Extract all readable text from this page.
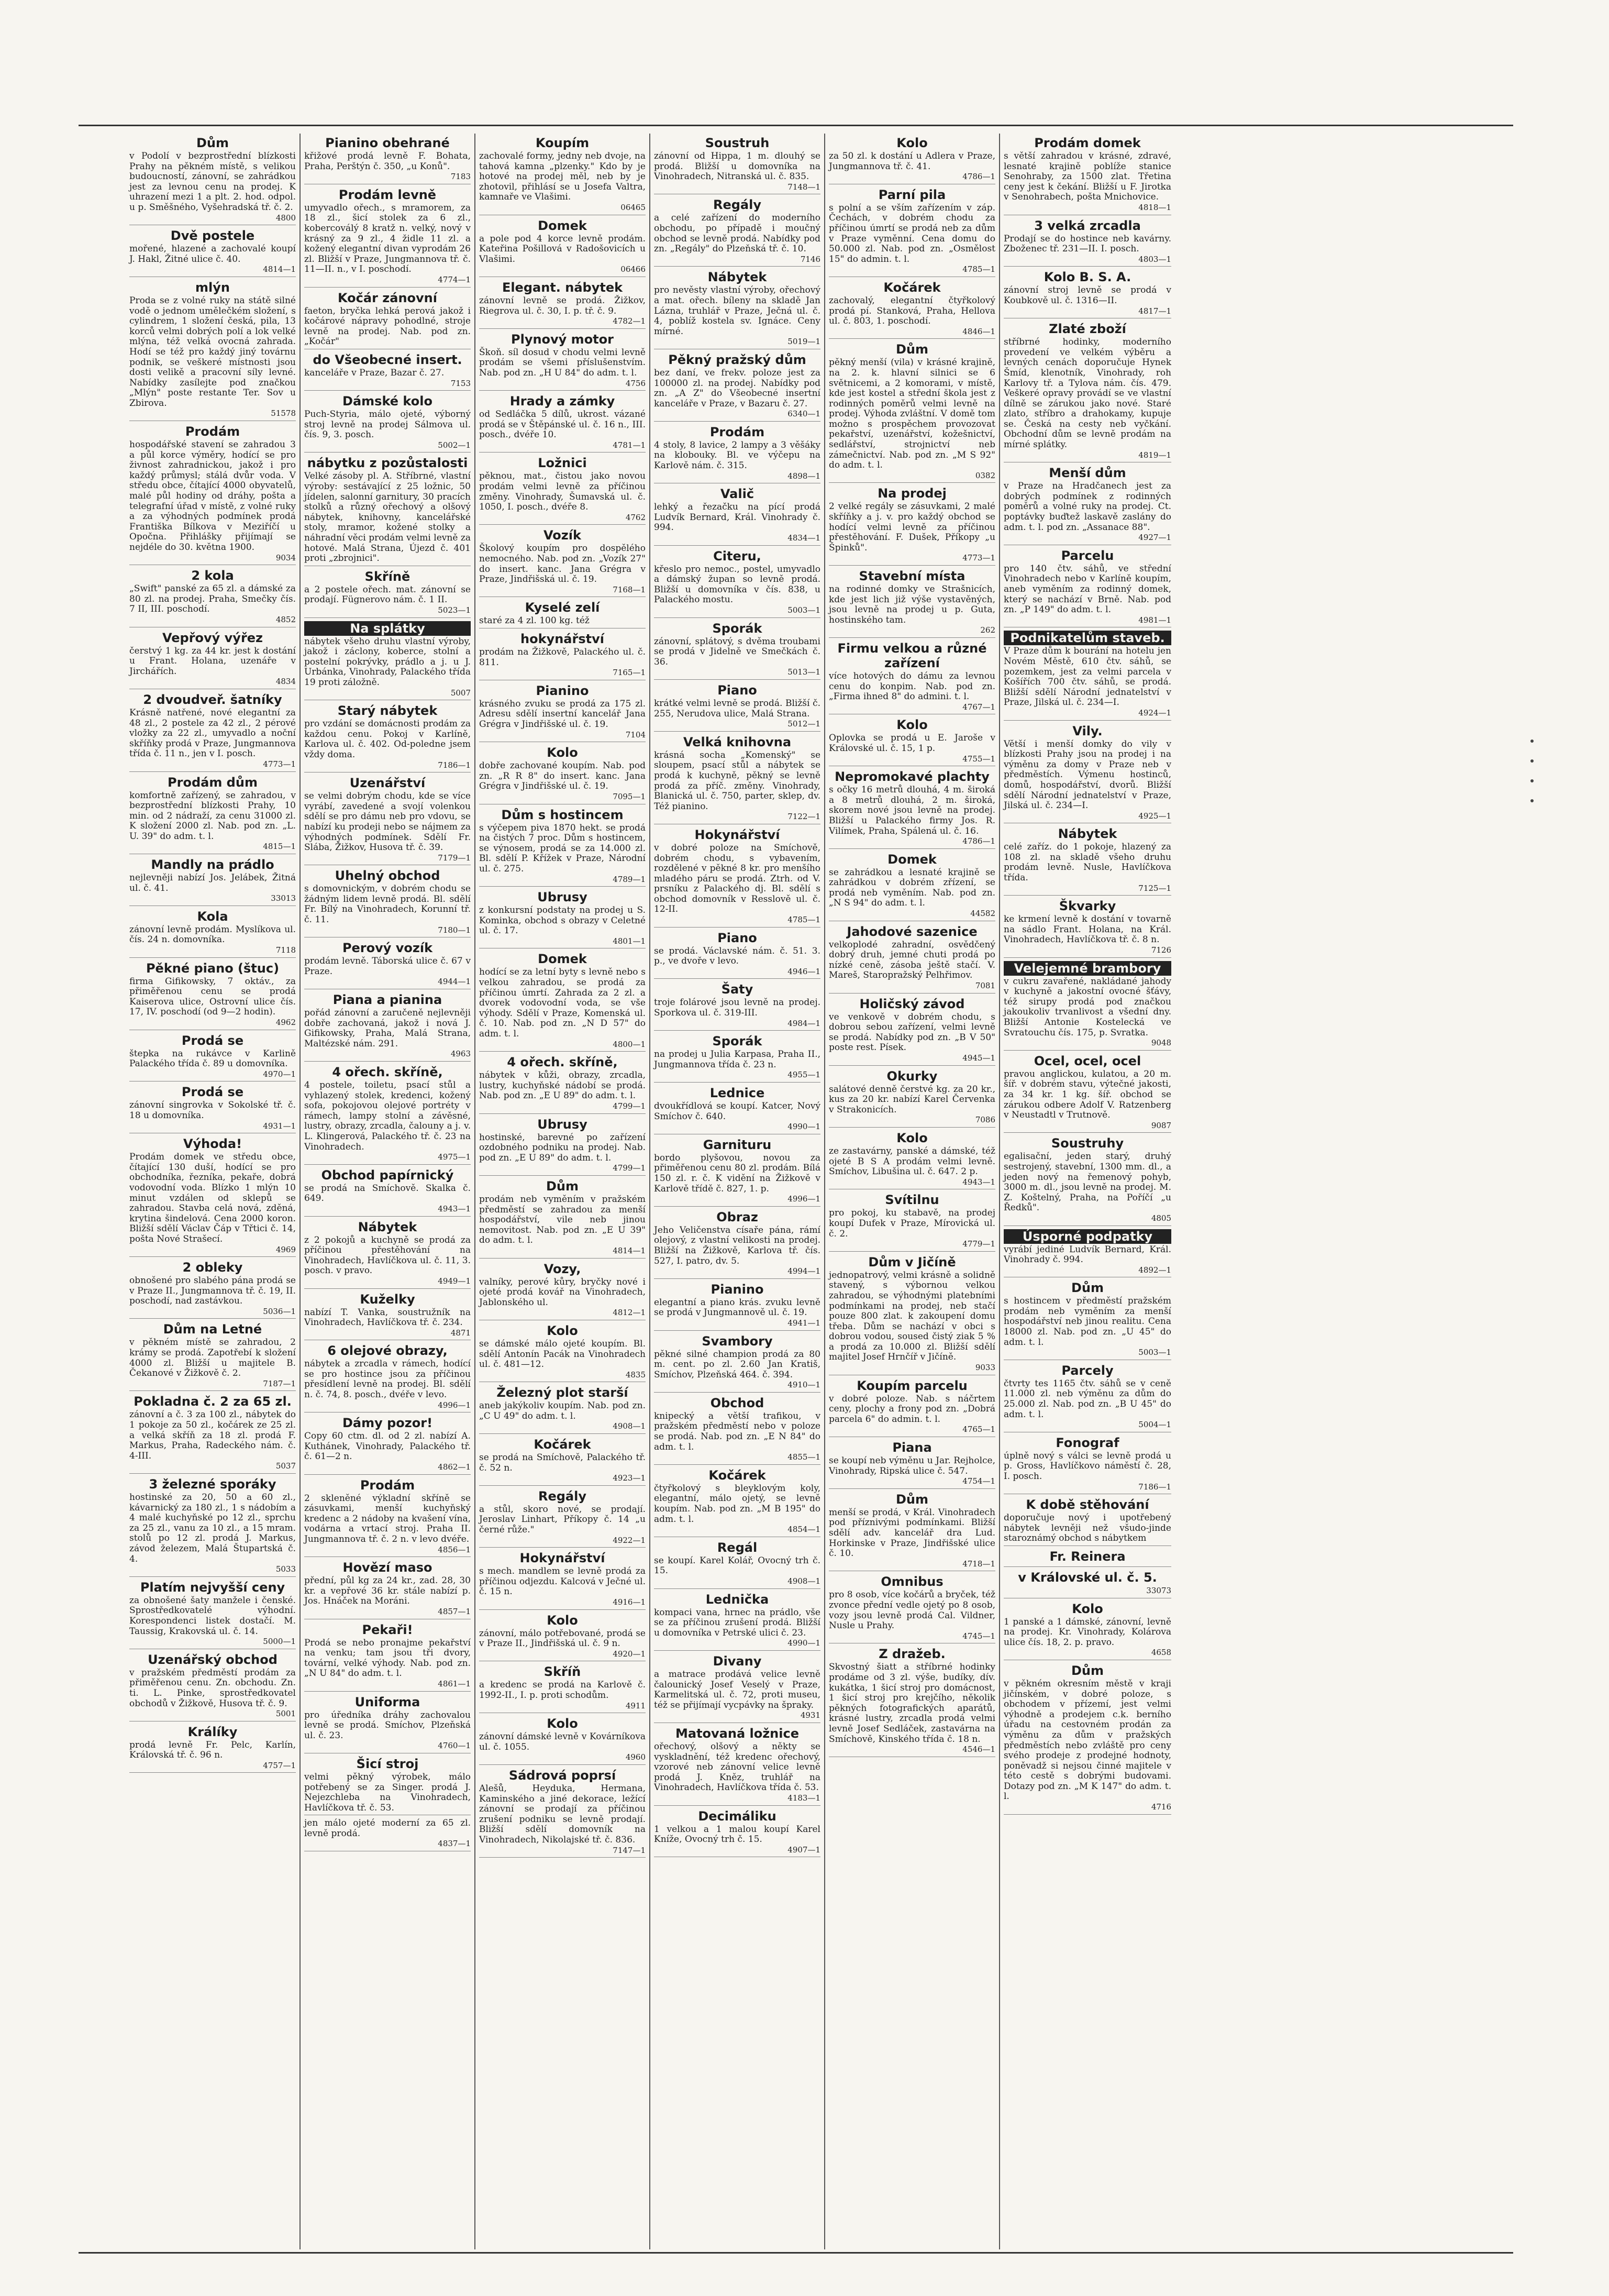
Dům

v Podolí v bezprostřední blízkosti Prahy na pěkném místě, s velikou budoucností, zánovní, se zahrádkou jest za levnou cenu na prodej. K uhrazení mezi 1 a plt. 2. hod. odpol. u p. Směšného, Vyšehradská tř. č. 2.

4800
Dvě postele

mořené, hlazené a zachovalé koupí J. Hakl, Žitné ulice č. 40.

4814—1
mlýn

Proda se z volné ruky na státě silné vodě o jednom umělečkém složení, s cylindrem, 1 složení česká, pila, 13 korců velmi dobrých polí a lok velké mlýna, též velká ovocná zahrada. Hodí se též pro každý jiný továrnu podnik, se veškeré místnosti jsou dosti velikě a pracovní síly levné. Nabídky zasílejte pod značkou „Mlýn" poste restante Ter. Sov u Zbirova.

51578
Prodám

hospodářské stavení se zahradou 3 a půl korce výměry, hodící se pro živnost zahradnickou, jakož i pro každý průmysl; stálá dvůr voda. V středu obce, čítající 4000 obyvatelů, malé půl hodiny od dráhy, pošta a telegrafní úřad v místě, z volné ruky a za výhodných podmínek prodá Františka Bílkova v Meziříčí u Opočna. Přihlášky přijímají se nejdéle do 30. května 1900.

9034
2 kola

„Swift" panské za 65 zl. a dámské za 80 zl. na prodej. Praha, Smečky čís. 7 II, III. poschodí.

4852
Vepřový výřez

čerstvý 1 kg. za 44 kr. jest k dostání u Frant. Holana, uzenáře v Jirchářích.

4834
2 dvoudveř. šatníky

Krásně natřené, nové elegantní za 48 zl., 2 postele za 42 zl., 2 pérové vložky za 22 zl., umyvadlo a noční skříňky prodá v Praze, Jungmannova třída č. 11 n., jen v I. posch.

4773—1
Prodám dům

komfortně zařízený, se zahradou, v bezprostřední blízkosti Prahy, 10 min. od 2 nádraží, za cenu 31000 zl. K složení 2000 zl. Nab. pod zn. „L. U. 39" do adm. t. l.

4815—1
Mandly na prádlo

nejlevněji nabízí Jos. Jelábek, Žitná ul. č. 41.

33013
Kola

zánovní levně prodám. Myslíkova ul. čís. 24 n. domovníka.

7118
Pěkné piano (štuc)

firma Gifikowsky, 7 oktáv., za přiměřenou cenu se prodá Kaiserova ulice, Ostrovní ulice čís. 17, IV. poschodí (od 9—2 hodin).

4962
Prodá se

štepka na rukávce v Karlině Palackého třída č. 89 u domovníka.

4970—1
Prodá se

zánovní singrovka v Sokolské tř. č. 18 u domovníka.

4931—1
Výhoda!

Prodám domek ve středu obce, čítající 130 duší, hodící se pro obchodníka, řezníka, pekaře, dobrá vodovodní voda. Blízko 1 mlýn 10 minut vzdálen od sklepů se zahradou. Stavba celá nová, zděná, krytina šindelová. Cena 2000 koron. Bližší sdělí Václav Čáp v Třtici č. 14, pošta Nové Strašecí.

4969
2 obleky

obnošené pro slabého pána prodá se v Praze II., Jungmannova tř. č. 19, II. poschodí, nad zastávkou.

5036—1
Dům na Letné

v pěkném místě se zahradou, 2 krámy se prodá. Zapotřebí k složení 4000 zl. Bližší u majitele B. Čekanové v Žižkově č. 2.

7187—1
Pokladna č. 2 za 65 zl.

zánovní a č. 3 za 100 zl., nábytek do 1 pokoje za 50 zl., kočárek ze 25 zl. a velká skříň za 18 zl. prodá F. Markus, Praha, Radeckého nám. č. 4-III.

5037
3 železné sporáky

hostinské za 20, 50 a 60 zl., kávarnický za 180 zl., 1 s nádobím a 4 malé kuchyňské po 12 zl., sprchu za 25 zl., vanu za 10 zl., a 15 mram. stolů po 12 zl. prodá J. Markus, závod železem, Malá Štupartská č. 4.

5033
Platím nejvyšší ceny

za obnošené šaty manžele i čenské. Sprostředkovatelé výhodní. Korespondenci listek dostačí. M. Taussig, Krakovská ul. č. 14.

5000—1
Uzenářský obchod

v pražském předměstí prodám za přiměřenou cenu. Zn. obchodu. Zn. ti. L. Pinke, sprostředkovatel obchodů v Žižkově, Husova tř. č. 9.

5001
Králíky

prodá levně Fr. Pelc, Karlín, Královská tř. č. 96 n.

4757—1
Pianino obehrané

křižové prodá levně F. Bohata, Praha, Perštýn č. 350, „u Konů".

7183
Prodám levně

umyvadlo ořech., s mramorem, za 18 zl., šicí stolek za 6 zl., kobercoválý 8 kratž n. velký, nový v krásný za 9 zl., 4 židle 11 zl. a kožený elegantní divan vyprodám 26 zl. Bližší v Praze, Jungmannova tř. č. 11—II. n., v I. poschodí.

4774—1
Kočár zánovní

faeton, bryčka lehká perová jakož i kočárové nápravy pohodlné, stroje levně na prodej. Nab. pod zn. „Kočár"

do Všeobecné insert.

kanceláře v Praze, Bazar č. 27.

7153
Dámské kolo

Puch-Styria, málo ojeté, výborný stroj levně na prodej Sálmova ul. čís. 9, 3. posch.

5002—1
nábytku z pozůstalosti

Velké zásoby pl. A. Stříbrné, vlastní výroby: sestávající z 25 ložnic, 50 jídelen, salonní garnitury, 30 pracích stolků a různý ořechový a olšový nábytek, knihovny, kancelářské stoly, mramor, kožené stolky a náhradní věci prodám velmi levně za hotové. Malá Strana, Újezd č. 401 proti „zbrojnici".

Skříně

a 2 postele ořech. mat. zánovní se prodají. Fügnerovo nám. č. 1 II.

5023—1
Na splátky

nábytek všeho druhu vlastní výroby, jakož i záclony, koberce, stolní a postelní pokrývky, prádlo a j. u J. Urbánka, Vinohrady, Palackého třída 19 proti záložně.

5007
Starý nábytek

pro vzdání se domácnosti prodám za každou cenu. Pokoj v Karlíně, Karlova ul. č. 402. Od-poledne jsem vždy doma.

7186—1
Uzenářství

se velmi dobrým chodu, kde se více vyrábí, zavedené a svojí volenkou sdělí se pro dámu neb pro vdovu, se nabízí ku prodeji nebo se nájmem za výhodných podmínek. Sdělí Fr. Slába, Žižkov, Husova tř. č. 39.

7179—1
Uhelný obchod

s domovnickým, v dobrém chodu se žádným lidem levně prodá. Bl. sdělí Fr. Bílý na Vinohradech, Korunní tř. č. 11.

7180—1
Perový vozík

prodám levně. Táborská ulice č. 67 v Praze.

4944—1
Piana a pianina

pořád zánovní a zaručeně nejlevněji dobře zachovaná, jakož i nová J. Gifikowsky, Praha, Malá Strana, Maltézské nám. 291.

4963
4 ořech. skříně,

4 postele, toiletu, psací stůl a vyhlazený stolek, kredenci, kožený sofa, pokojovou olejové portréty v rámech, lampy stolní a závěsné, lustry, obrazy, zrcadla, čalouny a j. v. L. Klingerová, Palackého tř. č. 23 na Vinohradech.

4975—1
Obchod papírnický

se prodá na Smíchově. Skalka č. 649.

4943—1
Nábytek

z 2 pokojů a kuchyně se prodá za příčinou přestěhování na Vinohradech, Havlíčkova ul. č. 11, 3. posch. v pravo.

4949—1
Kuželky

nabízí T. Vanka, soustružník na Vinohradech, Havlíčkova tř. č. 234.

4871
6 olejové obrazy,

nábytek a zrcadla v rámech, hodící se pro hostince jsou za příčinou přesídlení levně na prodej. Bl. sdělí n. č. 74, 8. posch., dvéře v levo.

4996—1
Dámy pozor!

Copy 60 ctm. dl. od 2 zl. nabízí A. Kuthánek, Vinohrady, Palackého tř. č. 61—2 n.

4862—1
Prodám

2 skleněné výkladní skříně se zásuvkami, menší kuchyňský kredenc a 2 nádoby na kvašení vína, vodárna a vrtací stroj. Praha II. Jungmannova tř. č. 2 n. v levo dvéře.

4856—1
Hovězí maso

přední, půl kg za 24 kr., zad. 28, 30 kr. a vepřové 36 kr. stále nabízí p. Jos. Hnáček na Moráni.

4857—1
Pekaři!

Prodá se nebo pronajme pekařství na venku; tam jsou tři dvory, tovární, velké výhody. Nab. pod zn. „N U 84" do adm. t. l.

4861—1
Uniforma

pro úředníka dráhy zachovalou levně se prodá. Smíchov, Plzeňská ul. č. 23.

4760—1
Šicí stroj

velmi pěkný výrobek, málo potřebený se za Singer. prodá J. Nejezchleba na Vinohradech, Havlíčkova tř. č. 53.

jen málo ojeté moderní za 65 zl. levně prodá.

4837—1
Koupím

zachovalé formy, jedny neb dvoje, na tahová kamna „plzenky." Kdo by je hotové na prodej měl, neb by je zhotovil, přihlásí se u Josefa Valtra, kamnaře ve Vlašimi.

06465
Domek

a pole pod 4 korce levně prodám. Kateřina Pošillová v Radošovicích u Vlašimi.

06466
Elegant. nábytek

zánovní levně se prodá. Žižkov, Riegrova ul. č. 30, I. p. tř. č. 9.

4782—1
Plynový motor

Škoň. síl dosud v chodu velmi levně prodám se všemi příslušenstvím. Nab. pod zn. „H U 84" do adm. t. l.

4756
Hrady a zámky

od Sedláčka 5 dílů, ukrost. vázané prodá se v Štěpánské ul. č. 16 n., III. posch., dvéře 10.

4781—1
Ložnici

pěknou, mat., čistou jako novou prodám velmi levně za příčinou změny. Vinohrady, Šumavská ul. č. 1050, I. posch., dvéře 8.

4762
Vozík

Školový koupím pro dospělého nemocného. Nab. pod zn. „Vozík 27" do insert. kanc. Jana Grégra v Praze, Jindřišská ul. č. 19.

7168—1
Kyselé zelí

staré za 4 zl. 100 kg. též

hokynářství

prodám na Žižkově, Palackého ul. č. 811.

7165—1
Pianino

krásného zvuku se prodá za 175 zl. Adresu sdělí insertní kancelář Jana Grégra v Jindřišské ul. č. 19.

7104
Kolo

dobře zachované koupím. Nab. pod zn. „R R 8" do insert. kanc. Jana Grégra v Jindřišské ul. č. 19.

7095—1
Dům s hostincem

s výčepem piva 1870 hekt. se prodá na čistých 7 proc. Dům s hostincem, se výnosem, prodá se za 14.000 zl. Bl. sdělí P. Křížek v Praze, Národní ul. č. 275.

4789—1
Ubrusy

z konkursní podstaty na prodej u S. Kominka, obchod s obrazy v Celetné ul. č. 17.

4801—1
Domek

hodící se za letní byty s levně nebo s velkou zahradou, se prodá za příčinou úmrtí. Zahrada za 2 zl. a dvorek vodovodní voda, se vše výhody. Sdělí v Praze, Komenská ul. č. 10. Nab. pod zn. „N D 57" do adm. t. l.

4800—1
4 ořech. skříně,

nábytek v kůži, obrazy, zrcadla, lustry, kuchyňské nádobí se prodá. Nab. pod zn. „E U 89" do adm. t. l.

4799—1
Ubrusy

hostinské, barevné po zařízení ozdobného podniku na prodej. Nab. pod zn. „E U 89" do adm. t. l.

4799—1
Dům

prodám neb vyměním v pražském předměstí se zahradou za menší hospodářství, vile neb jinou nemovitost. Nab. pod zn. „E U 39" do adm. t. l.

4814—1
Vozy,

valníky, perové kůry, bryčky nové i ojeté prodá kovář na Vinohradech, Jablonského ul.

4812—1
Kolo

se dámské málo ojeté koupím. Bl. sdělí Antonín Pacák na Vinohradech ul. č. 481—12.

4835
Železný plot starší

aneb jakýkoliv koupím. Nab. pod zn. „C U 49" do adm. t. l.

4908—1
Kočárek

se prodá na Smíchově, Palackého tř. č. 52 n.

4923—1
Regály

a stůl, skoro nové, se prodají. Jeroslav Linhart, Příkopy č. 14 „u černé růže."

4922—1
Hokynářství

s mech. mandlem se levně prodá za příčinou odjezdu. Kalcová v Ječné ul. č. 15 n.

4916—1
Kolo

zánovní, málo potřebované, prodá se v Praze II., Jindřišská ul. č. 9 n.

4920—1
Skříň

a kredenc se prodá na Karlově č. 1992-II., I. p. proti schodům.

4911
Kolo

zánovní dámské levně v Kovárníkova ul. č. 1055.

4960
Sádrová poprsí

Alešů, Heyduka, Hermana, Kaminského a jiné dekorace, ležící zánovní se prodají za příčinou zrušení podniku se levně prodají. Bližší sdělí domovník na Vinohradech, Nikolajské tř. č. 836.

7147—1
Soustruh

zánovní od Hippa, 1 m. dlouhý se prodá. Bližší u domovníka na Vinohradech, Nitranská ul. č. 835.

7148—1
Regály

a celé zařízení do moderního obchodu, po případě i moučný obchod se levně prodá. Nabídky pod zn. „Regály" do Plzeňská tř. č. 10.

7146
Nábytek

pro nevěsty vlastní výroby, ořechový a mat. ořech. bíleny na skladě Jan Lázna, truhlář v Praze, Ječná ul. č. 4, poblíž kostela sv. Ignáce. Ceny mírné.

5019—1
Pěkný pražský dům

bez daní, ve frekv. poloze jest za 100000 zl. na prodej. Nabídky pod zn. „A Z" do Všeobecné insertní kanceláře v Praze, v Bazaru č. 27.

6340—1
Prodám

4 stoly, 8 lavice, 2 lampy a 3 věšáky na klobouky. Bl. ve výčepu na Karlově nám. č. 315.

4898—1
Valič

lehký a řezačku na pící prodá Ludvík Bernard, Král. Vinohrady č. 994.

4834—1
Citeru,

křeslo pro nemoc., postel, umyvadlo a dámský župan so levně prodá. Bližší u domovníka v čís. 838, u Palackého mostu.

5003—1
Sporák

zánovní, splátový, s dvěma troubami se prodá v Jidelně ve Smečkách č. 36.

5013—1
Piano

krátké velmi levně se prodá. Bližší č. 255, Nerudova ulice, Malá Strana.

5012—1
Velká knihovna

krásná socha „Komenský" se sloupem, psací stůl a nábytek se prodá k kuchyně, pěkný se levně prodá za příč. změny. Vinohrady, Blanická ul. č. 750, parter, sklep, dv. Též pianino.

7122—1
Hokynářství

v dobré poloze na Smíchově, dobrém chodu, s vybavením, rozdělené v pěkné 8 kr. pro menšího mladého páru se prodá. Ztrh. od V. prsníku z Palackého dj. Bl. sdělí s obchod domovník v Resslově ul. č. 12-II.

4785—1
Piano

se prodá. Václavské nám. č. 51. 3. p., ve dvoře v levo.

4946—1
Šaty

troje folárové jsou levně na prodej. Sporkova ul. č. 319-III.

4984—1
Sporák

na prodej u Julia Karpasa, Praha II., Jungmannova třída č. 23 n.

4955—1
Lednice

dvoukřídlová se koupí. Katcer, Nový Smíchov č. 640.

4990—1
Garnituru

bordo plyšovou, novou za přiměřenou cenu 80 zl. prodám. Bílá 150 zl. r. č. K vidění na Žižkově v Karlově třídě č. 827, 1. p.

4996—1
Obraz

Jeho Veličenstva císaře pána, rámí olejový, z vlastní velikosti na prodej. Bližší na Žižkově, Karlova tř. čís. 527, I. patro, dv. 5.

4994—1
Pianino

elegantní a piano krás. zvuku levně se prodá v Jungmannově ul. č. 19.

4941—1
Svambory

pěkné silné champion prodá za 80 m. cent. po zl. 2.60 Jan Kratiš, Smíchov, Plzeňská 464. č. 394.

4910—1
Obchod

knipecký a větší trafikou, v pražském předměstí nebo v poloze se prodá. Nab. pod zn. „E N 84" do adm. t. l.

4855—1
Kočárek

čtyřkolový s bleyklovým koly, elegantní, málo ojetý, se levně koupím. Nab. pod zn. „M B 195" do adm. t. l.

4854—1
Regál

se koupí. Karel Kolář, Ovocný trh č. 15.

4908—1
Lednička

kompaci vana, hrnec na prádlo, vše se za příčinou zrušení prodá. Bližší u domovníka v Petrské ulici č. 23.

4990—1
Divany

a matrace prodává velice levně čalounický Josef Veselý v Praze, Karmelitská ul. č. 72, proti museu, též se přijímají vycpávky na špraky.

4931
Matovaná ložnice

ořechový, olšový a někty se vyskladnění, též kredenc ořechový, vzorové neb zánovní velice levně prodá J. Kněz, truhlář na Vinohradech, Havlíčkova třída č. 53.

4183—1
Decimáliku

1 velkou a 1 malou koupí Karel Kníže, Ovocný trh č. 15.

4907—1
Kolo

za 50 zl. k dostání u Adlera v Praze, Jungmannova tř. č. 41.

4786—1
Parní pila

s polní a se vším zařízením v záp. Čechách, v dobrém chodu za příčinou úmrtí se prodá neb za dům v Praze vyměnní. Cena domu do 50.000 zl. Nab. pod zn. „Osmělost 15" do admin. t. l.

4785—1
Kočárek

zachovalý, elegantní čtyřkolový prodá pí. Stanková, Praha, Hellova ul. č. 803, 1. poschodí.

4846—1
Dům

pěkný menší (vila) v krásné krajině, na 2. k. hlavní silnici se 6 světnicemi, a 2 komorami, v místě, kde jest kostel a střední škola jest z rodinných poměrů velmi levně na prodej. Výhoda zvláštní. V domě tom možno s prospěchem provozovat pekařství, uzenářství, kožešnictví, sedlářství, strojnictví neb zámečnictví. Nab. pod zn. „M S 92" do adm. t. l.

0382
Na prodej

2 velké regály se zásuvkami, 2 malé skříňky a j. v. pro každý obchod se hodící velmi levně za příčinou přestěhování. F. Dušek, Příkopy „u Špinků".

4773—1
Stavební místa

na rodinné domky ve Strašnicích, kde jest lich již výše vystavěných, jsou levně na prodej u p. Guta, hostinského tam.

262
Firmu velkou a různé zařízení

více hotových do dámu za levnou cenu do konpim. Nab. pod zn. „Firma ihned 8" do admini. t. l.

4767—1
Kolo

Oplovka se prodá u E. Jaroše v Královské ul. č. 15, 1 p.

4755—1
Nepromokavé plachty

s očky 16 metrů dlouhá, 4 m. široká a 8 metrů dlouhá, 2 m. široká, skorem nové jsou levně na prodej. Bližší u Palackého firmy Jos. R. Vilímek, Praha, Spálená ul. č. 16.

4786—1
Domek

se zahrádkou a lesnaté krajině se zahrádkou v dobrém zřízení, se prodá neb vyměním. Nab. pod zn. „N S 94" do adm. t. l.

44582
Jahodové sazenice

velkoplodé zahradní, osvědčený dobrý druh, jemné chuti prodá po nízké ceně, zásoba ještě stačí. V. Mareš, Staropražský Pelhřimov.

7081
Holičský závod

ve venkově v dobrém chodu, s dobrou sebou zařízení, velmi levně se prodá. Nabídky pod zn. „B V 50" poste rest. Písek.

4945—1
Okurky

salátové denně čerstvé kg. za 20 kr., kus za 20 kr. nabízí Karel Červenka v Strakonicích.

7086
Kolo

ze zastavárny, panské a dámské, též ojeté B S A prodám velmi levně. Smíchov, Libušina ul. č. 647. 2 p.

4943—1
Svítilnu

pro pokoj, ku stabavě, na prodej koupí Dufek v Praze, Mírovická ul. č. 2.

4779—1
Dům v Jičíně

jednopatrový, velmi krásně a solidně stavený, s výbornou velkou zahradou, se výhodnými platebními podmínkami na prodej, neb stačí pouze 800 zlat. k zakoupení domu třeba. Dům se nachází v obci s dobrou vodou, soused čistý ziak 5 % a prodá za 10.000 zl. Bližší sdělí majitel Josef Hrnčíř v Jičíně.

9033
Koupím parcelu

v dobré poloze. Nab. s náčrtem ceny, plochy a frony pod zn. „Dobrá parcela 6" do admin. t. l.

4765—1
Piana

se koupí neb výměnu u Jar. Rejholce, Vinohrady, Ripská ulice č. 547.

4754—1
Dům

menší se prodá, v Král. Vinohradech pod příznivými podmínkami. Bližší sdělí adv. kancelář dra Lud. Horkinske v Praze, Jindřišské ulice č. 10.

4718—1
Omnibus

pro 8 osob, více kočárů a bryček, též zvonce přední vedle ojetý po 8 osob, vozy jsou levně prodá Cal. Vildner, Nusle u Prahy.

4745—1
Z dražeb.

Skvostný šiatt a stříbrné hodinky prodáme od 3 zl. výše, budíky, dív. kukátka, 1 šicí stroj pro domácnost, 1 šicí stroj pro krejčího, několik pěkných fotografických aparátů, krásné lustry, zrcadla prodá velmi levně Josef Sedláček, zastavárna na Smíchově, Kinského třída č. 18 n.

4546—1
Prodám domek

s větší zahradou v krásné, zdravé, lesnaté krajině poblíže stanice Senohraby, za 1500 zlat. Třetina ceny jest k čekání. Bližší u F. Jirotka v Senohrabech, pošta Mnichovice.

4818—1
3 velká zrcadla

Prodají se do hostince neb kavárny. Zboženec tř. 231—II. I. posch.

4803—1
Kolo B. S. A.

zánovní stroj levně se prodá v Koubkově ul. č. 1316—II.

4817—1
Zlaté zboží

stříbrné hodinky, moderního provedení ve velkém výběru a levných cenách doporučuje Hynek Šmíd, klenotník, Vinohrady, roh Karlovy tř. a Tylova nám. čís. 479. Veškeré opravy provádí se ve vlastní dílně se zárukou jako nové. Staré zlato, stříbro a drahokamy, kupuje se. Česká na cesty neb vyčkání. Obchodní dům se levně prodám na mírné splátky.

4819—1
Menší dům

v Praze na Hradčanech jest za dobrých podmínek z rodinných poměrů a volné ruky na prodej. Ct. poptávky buďtež laskavě zaslány do adm. t. l. pod zn. „Assanace 88".

4927—1
Parcelu

pro 140 čtv. sáhů, ve střední Vinohradech nebo v Karlíně koupím, aneb vyměním za rodinný domek, který se nachází v Brně. Nab. pod zn. „P 149" do adm. t. l.

4981—1
Podnikatelům staveb.

V Praze dům k bourání na hotelu jen Novém Městě, 610 čtv. sáhů, se pozemkem, jest za velmi parcela v Košířích 700 čtv. sáhů, se prodá. Bližší sdělí Národní jednatelství v Praze, Jilská ul. č. 234—I.

4924—1
Vily.

Větší i menší domky do vily v blízkosti Prahy jsou na prodej i na výměnu za domy v Praze neb v předměstích. Výmenu hostinců, domů, hospodářství, dvorů. Bližší sdělí Národní jednatelství v Praze, Jilská ul. č. 234—I.

4925—1
Nábytek

celé zaříz. do 1 pokoje, hlazený za 108 zl. na skladě všeho druhu prodám levně. Nusle, Havlíčkova třída.

7125—1
Škvarky

ke krmení levně k dostání v tovarně na sádlo Frant. Holana, na Král. Vinohradech, Havlíčkova tř. č. 8 n.

7126
Velejemné brambory

v cukru zavařené, nakládané jahody v kuchyně a jakostní ovocné šťávy, též sirupy prodá pod značkou jakoukoliv trvanlivost a všední dny. Bližší Antonie Kostelecká ve Svratouchu čís. 175, p. Svratka.

9048
Ocel, ocel, ocel

pravou anglickou, kulatou, a 20 m. šíř. v dobrém stavu, výtečné jakosti, za 34 kr. 1 kg. šíř. obchod se zárukou odbere Adolf V. Ratzenberg v Neustadtl v Trutnově.

9087
Soustruhy

egalisační, jeden starý, druhý sestrojený, stavební, 1300 mm. dl., a jeden nový na řemenový pohyb, 3000 m. dl., jsou levně na prodej. M. Z. Koštelný, Praha, na Poříčí „u Ředků".

4805
Úsporné podpatky

vyrábí jediné Ludvík Bernard, Král. Vinohrady č. 994.

4892—1
Dům

s hostincem v předměstí pražském prodám neb vyměním za menší hospodářství neb jinou realitu. Cena 18000 zl. Nab. pod zn. „U 45" do adm. t. l.

5003—1
Parcely

čtvrty tes 1165 čtv. sáhů se v ceně 11.000 zl. neb výměnu za dům do 25.000 zl. Nab. pod zn. „B U 45" do adm. t. l.

5004—1
Fonograf

úplně nový s válci se levně prodá u p. Gross, Havlíčkovo náměstí č. 28, I. posch.

7186—1
K době stěhování

doporučuje nový i upotřebený nábytek levněji než všudo-jinde staroznámý obchod s nábytkem

Fr. Reinera
v Královské ul. č. 5.
33073
Kolo

1 panské a 1 dámské, zánovní, levně na prodej. Kr. Vinohrady, Kolárova ulice čís. 18, 2. p. pravo.

4658
Dům

v pěkném okresním městě v kraji jičínském, v dobré poloze, s obchodem v přízemí, jest velmi výhodně a prodejem c.k. berního úřadu na cestovném prodán za výměnu za dům v pražských předměstích nebo zvláště pro ceny svého prodeje z prodejné hodnoty, poněvadž si nejsou činné majitele v této cestě s dobrými budovami. Dotazy pod zn. „M K 147" do adm. t. l.

4716
